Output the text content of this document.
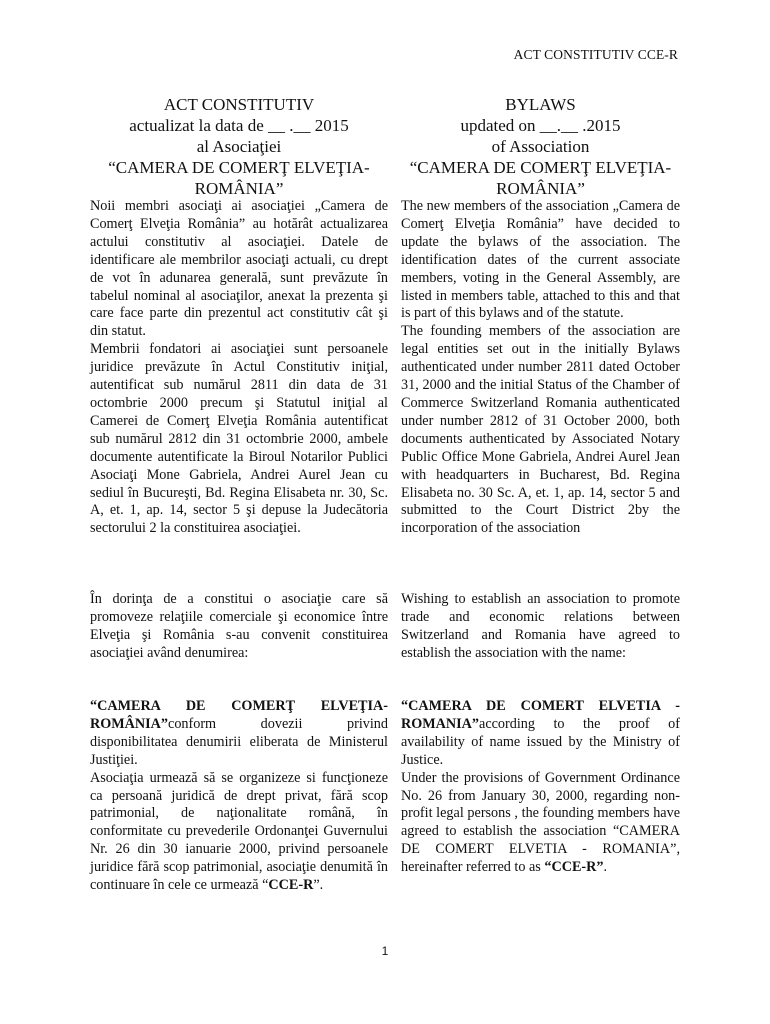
ACT CONSTITUTIV CCE-R
ACT CONSTITUTIV
actualizat la data de __ .__ 2015
al Asociaţiei
“CAMERA DE COMERŢ ELVEŢIA-ROMÂNIA”
BYLAWS
updated on __.__ .2015
of Association
“CAMERA DE COMERŢ ELVEŢIA-ROMÂNIA”

Noii membri asociaţi ai asociaţiei „Camera de Comerţ Elveţia România” au hotărât actualizarea actului constitutiv al asociaţiei. Datele de identificare ale membrilor asociaţi actuali, cu drept de vot în adunarea generală, sunt prevăzute în tabelul nominal al asociaţilor, anexat la prezenta şi care face parte din prezentul act constitutiv cât şi din statut.

Membrii fondatori ai asociaţiei sunt persoanele juridice prevăzute în Actul Constitutiv iniţial, autentificat sub numărul 2811 din data de 31 octombrie 2000 precum şi Statutul iniţial al Camerei de Comerţ Elveţia România autentificat sub numărul 2812 din 31 octombrie 2000, ambele documente autentificate la Biroul Notarilor Publici Asociaţi Mone Gabriela, Andrei Aurel Jean cu sediul în Bucureşti, Bd. Regina Elisabeta nr. 30, Sc. A, et. 1, ap. 14, sector 5 şi depuse la Judecătoria sectorului 2 la constituirea asociaţiei.

The new members of the association „Camera de Comerţ Elveţia România” have decided to update the bylaws of the association. The identification dates of the current associate members, voting in the General Assembly, are listed in members table, attached to this and that is part of this bylaws and of the statute.

The founding members of the association are legal entities set out in the initially Bylaws authenticated under number 2811 dated October 31, 2000 and the initial Status of the Chamber of Commerce Switzerland Romania authenticated under number 2812 of 31 October 2000, both documents authenticated by Associated Notary Public Office Mone Gabriela, Andrei Aurel Jean with headquarters in Bucharest, Bd. Regina Elisabeta no. 30 Sc. A, et. 1, ap. 14, sector 5 and submitted to the Court District 2by the incorporation of the association

În dorinţa de a constitui o asociaţie care să promoveze relaţiile comerciale şi economice între Elveţia şi România s-au convenit constituirea asociaţiei având denumirea:

Wishing to establish an association to promote trade and economic relations between Switzerland and Romania have agreed to establish the association with the name:

“CAMERA DE COMERŢ ELVEŢIA-ROMÂNIA”conform dovezii privind disponibilitatea denumirii eliberata de Ministerul Justiţiei.

Asociaţia urmează să se organizeze si funcţioneze ca persoană juridică de drept privat, fără scop patrimonial, de naţionalitate română, în conformitate cu prevederile Ordonanţei Guvernului Nr. 26 din 30 ianuarie 2000, privind persoanele juridice fără scop patrimonial, asociaţie denumită în continuare în cele ce urmează “CCE-R”.

“CAMERA DE COMERT ELVETIA - ROMANIA”according to the proof of availability of name issued by the Ministry of Justice.

Under the provisions of Government Ordinance No. 26 from January 30, 2000, regarding non-profit legal persons , the founding members have agreed to establish the association “CAMERA DE COMERT ELVETIA - ROMANIA”, hereinafter referred to as “CCE-R”.

1
